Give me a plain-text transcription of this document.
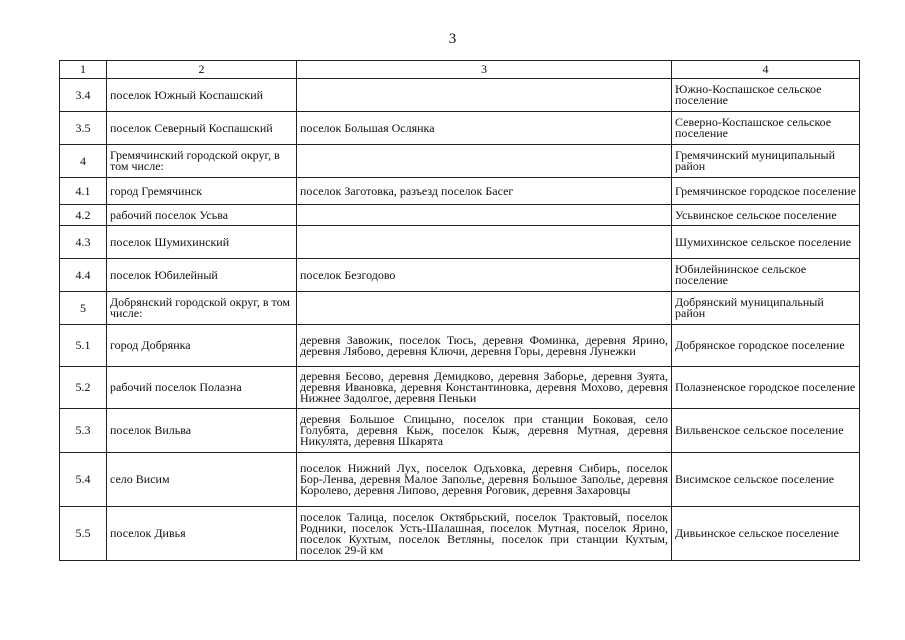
3
1	2	3	4
3.4	поселок Южный Коспашский		Южно-Коспашское сельское поселение
3.5	поселок Северный Коспашский	поселок Большая Ослянка	Северно-Коспашское сельское поселение
4	Гремячинский городской округ, в том числе:		Гремячинский муниципальный район
4.1	город Гремячинск	поселок Заготовка, разъезд поселок Басег	Гремячинское городское поселение
4.2	рабочий поселок Усьва		Усьвинское сельское поселение
4.3	поселок Шумихинский		Шумихинское сельское поселение
4.4	поселок Юбилейный	поселок Безгодово	Юбилейнинское сельское поселение
5	Добрянский городской округ, в том числе:		Добрянский муниципальный район
5.1	город Добрянка	деревня Завожик, поселок Тюсь, деревня Фоминка, деревня Ярино, деревня Лябово, деревня Ключи, деревня Горы, деревня Лунежки	Добрянское городское поселение
5.2	рабочий поселок Полазна	деревня Бесово, деревня Демидково, деревня Заборье, деревня Зуята, деревня Ивановка, деревня Константиновка, деревня Мохово, деревня Нижнее Задолгое, деревня Пеньки	Полазненское городское поселение
5.3	поселок Вильва	деревня Большое Спицыно, поселок при станции Боковая, село Голубята, деревня Кыж, поселок Кыж, деревня Мутная, деревня Никулята, деревня Шкарята	Вильвенское сельское поселение
5.4	село Висим	поселок Нижний Лух, поселок Одъховка, деревня Сибирь, поселок Бор-Ленва, деревня Малое Заполье, деревня Большое Заполье, деревня Королево, деревня Липово, деревня Роговик, деревня Захаровцы	Висимское сельское поселение
5.5	поселок Дивья	поселок Талица, поселок Октябрьский, поселок Трактовый, поселок Родники, поселок Усть-Шалашная, поселок Мутная, поселок Ярино, поселок Кухтым, поселок Ветляны, поселок при станции Кухтым, поселок 29-й км	Дивьинское сельское поселение
